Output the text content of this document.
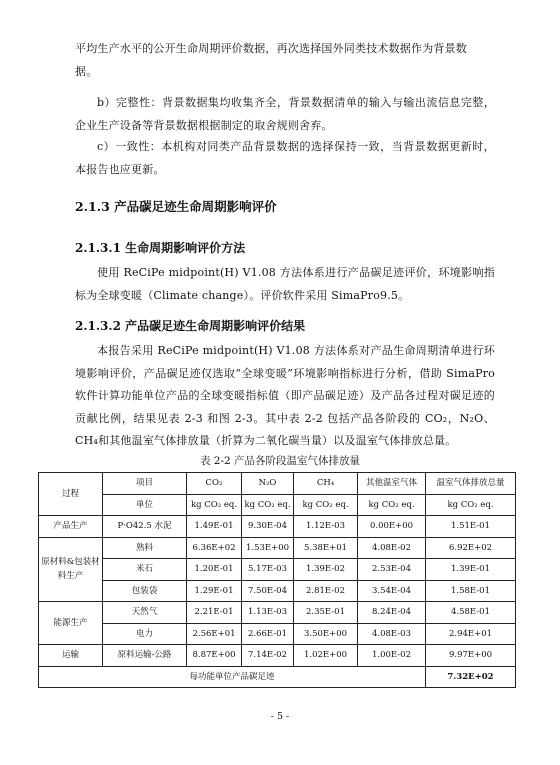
平均生产水平的公开生命周期评价数据，再次选择国外同类技术数据作为背景数

据。

b）完整性：背景数据集均收集齐全，背景数据清单的输入与输出流信息完整，企业生产设备等背景数据根据制定的取舍规则舍弃。

c）一致性：本机构对同类产品背景数据的选择保持一致，当背景数据更新时，本报告也应更新。

2.1.3 产品碳足迹生命周期影响评价
2.1.3.1 生命周期影响评价方法

使用 ReCiPe midpoint(H) V1.08 方法体系进行产品碳足迹评价，环境影响指标为全球变暖（Climate change）。评价软件采用 SimaPro9.5。

2.1.3.2 产品碳足迹生命周期影响评价结果

本报告采用 ReCiPe midpoint(H) V1.08 方法体系对产品生命周期清单进行环境影响评价，产品碳足迹仅选取“全球变暖”环境影响指标进行分析，借助 SimaPro 软件计算功能单位产品的全球变暖指标值（即产品碳足迹）及产品各过程对碳足迹的贡献比例，结果见表 2-3 和图 2-3。其中表 2-2 包括产品各阶段的 CO₂，N₂O、CH₄和其他温室气体排放量（折算为二氧化碳当量）以及温室气体排放总量。

表 2-2 产品各阶段温室气体排放量
过程	项目	CO₂	N₂O	CH₄	其他温室气体	温室气体排放总量
	单位	kg CO₂ eq.	kg CO₂ eq.	kg CO₂ eq.	kg CO₂ eq.	kg CO₂ eq.
产品生产	P·O42.5 水泥	1.49E-01	9.30E-04	1.12E-03	0.00E+00	1.51E-01
原材料&包装材料生产	熟料	6.36E+02	1.53E+00	5.38E+01	4.08E-02	6.92E+02
	米石	1.20E-01	5.17E-03	1.39E-02	2.53E-04	1.39E-01
	包装袋	1.29E-01	7.50E-04	2.81E-02	3.54E-04	1.58E-01
能源生产	天然气	2.21E-01	1.13E-03	2.35E-01	8.24E-04	4.58E-01
	电力	2.56E+01	2.66E-01	3.50E+00	4.08E-03	2.94E+01
运输	原料运输-公路	8.87E+00	7.14E-02	1.02E+00	1.00E-02	9.97E+00
每功能单位产品碳足迹						7.32E+02
- 5 -
